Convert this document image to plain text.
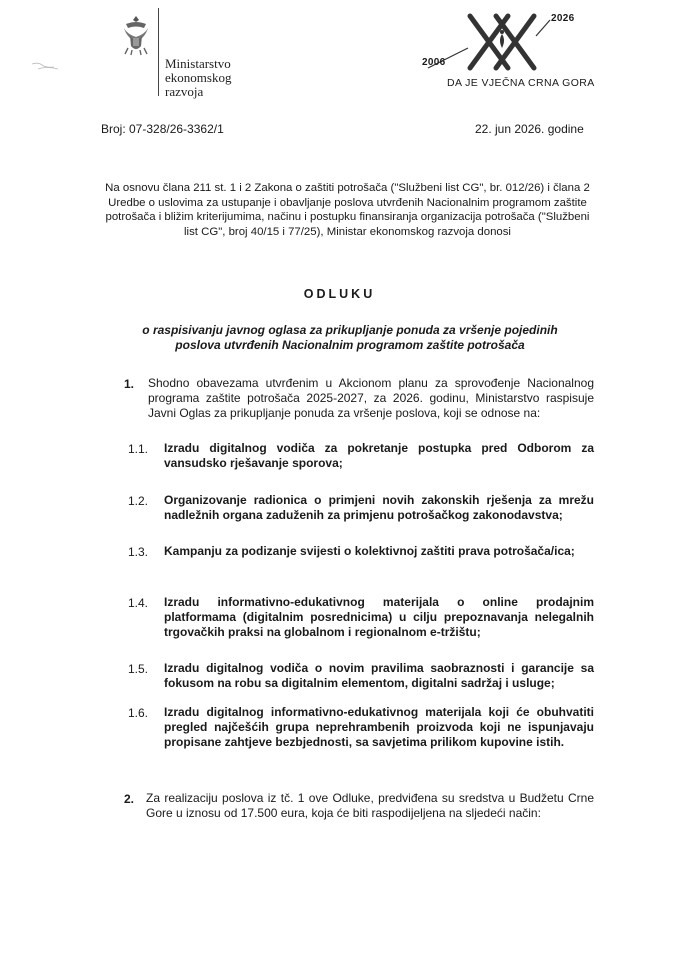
Ministarstvo
ekonomskog
razvoja
2006
2026
DA JE VJEČNA CRNA GORA
Broj: 07-328/26-3362/1	22. jun 2026. godine
Na osnovu člana 211 st. 1 i 2 Zakona o zaštiti potrošača ("Službeni list CG", br. 012/26) i člana 2 Uredbe o uslovima za ustupanje i obavljanje poslova utvrđenih Nacionalnim programom zaštite potrošača i bližim kriterijumima, načinu i postupku finansiranja organizacija potrošača ("Službeni list CG", broj 40/15 i 77/25), Ministar ekonomskog razvoja donosi
ODLUKU
o raspisivanju javnog oglasa za prikupljanje ponuda za vršenje pojedinih poslova utvrđenih Nacionalnim programom zaštite potrošača
1. Shodno obavezama utvrđenim u Akcionom planu za sprovođenje Nacionalnog programa zaštite potrošača 2025-2027, za 2026. godinu, Ministarstvo raspisuje Javni Oglas za prikupljanje ponuda za vršenje poslova, koji se odnose na:
1.1. Izradu digitalnog vodiča za pokretanje postupka pred Odborom za vansudsko rješavanje sporova;
1.2. Organizovanje radionica o primjeni novih zakonskih rješenja za mrežu nadležnih organa zaduženih za primjenu potrošačkog zakonodavstva;
1.3. Kampanju za podizanje svijesti o kolektivnoj zaštiti prava potrošača/ica;
1.4. Izradu informativno-edukativnog materijala o online prodajnim platformama (digitalnim posrednicima) u cilju prepoznavanja nelegalnih trgovačkih praksi na globalnom i regionalnom e-tržištu;
1.5. Izradu digitalnog vodiča o novim pravilima saobraznosti i garancije sa fokusom na robu sa digitalnim elementom, digitalni sadržaj i usluge;
1.6. Izradu digitalnog informativno-edukativnog materijala koji će obuhvatiti pregled najčešćih grupa neprehrambenih proizvoda koji ne ispunjavaju propisane zahtjeve bezbjednosti, sa savjetima prilikom kupovine istih.
2. Za realizaciju poslova iz tč. 1 ove Odluke, predviđena su sredstva u Budžetu Crne Gore u iznosu od 17.500 eura, koja će biti raspodijeljena na sljedeći način:
